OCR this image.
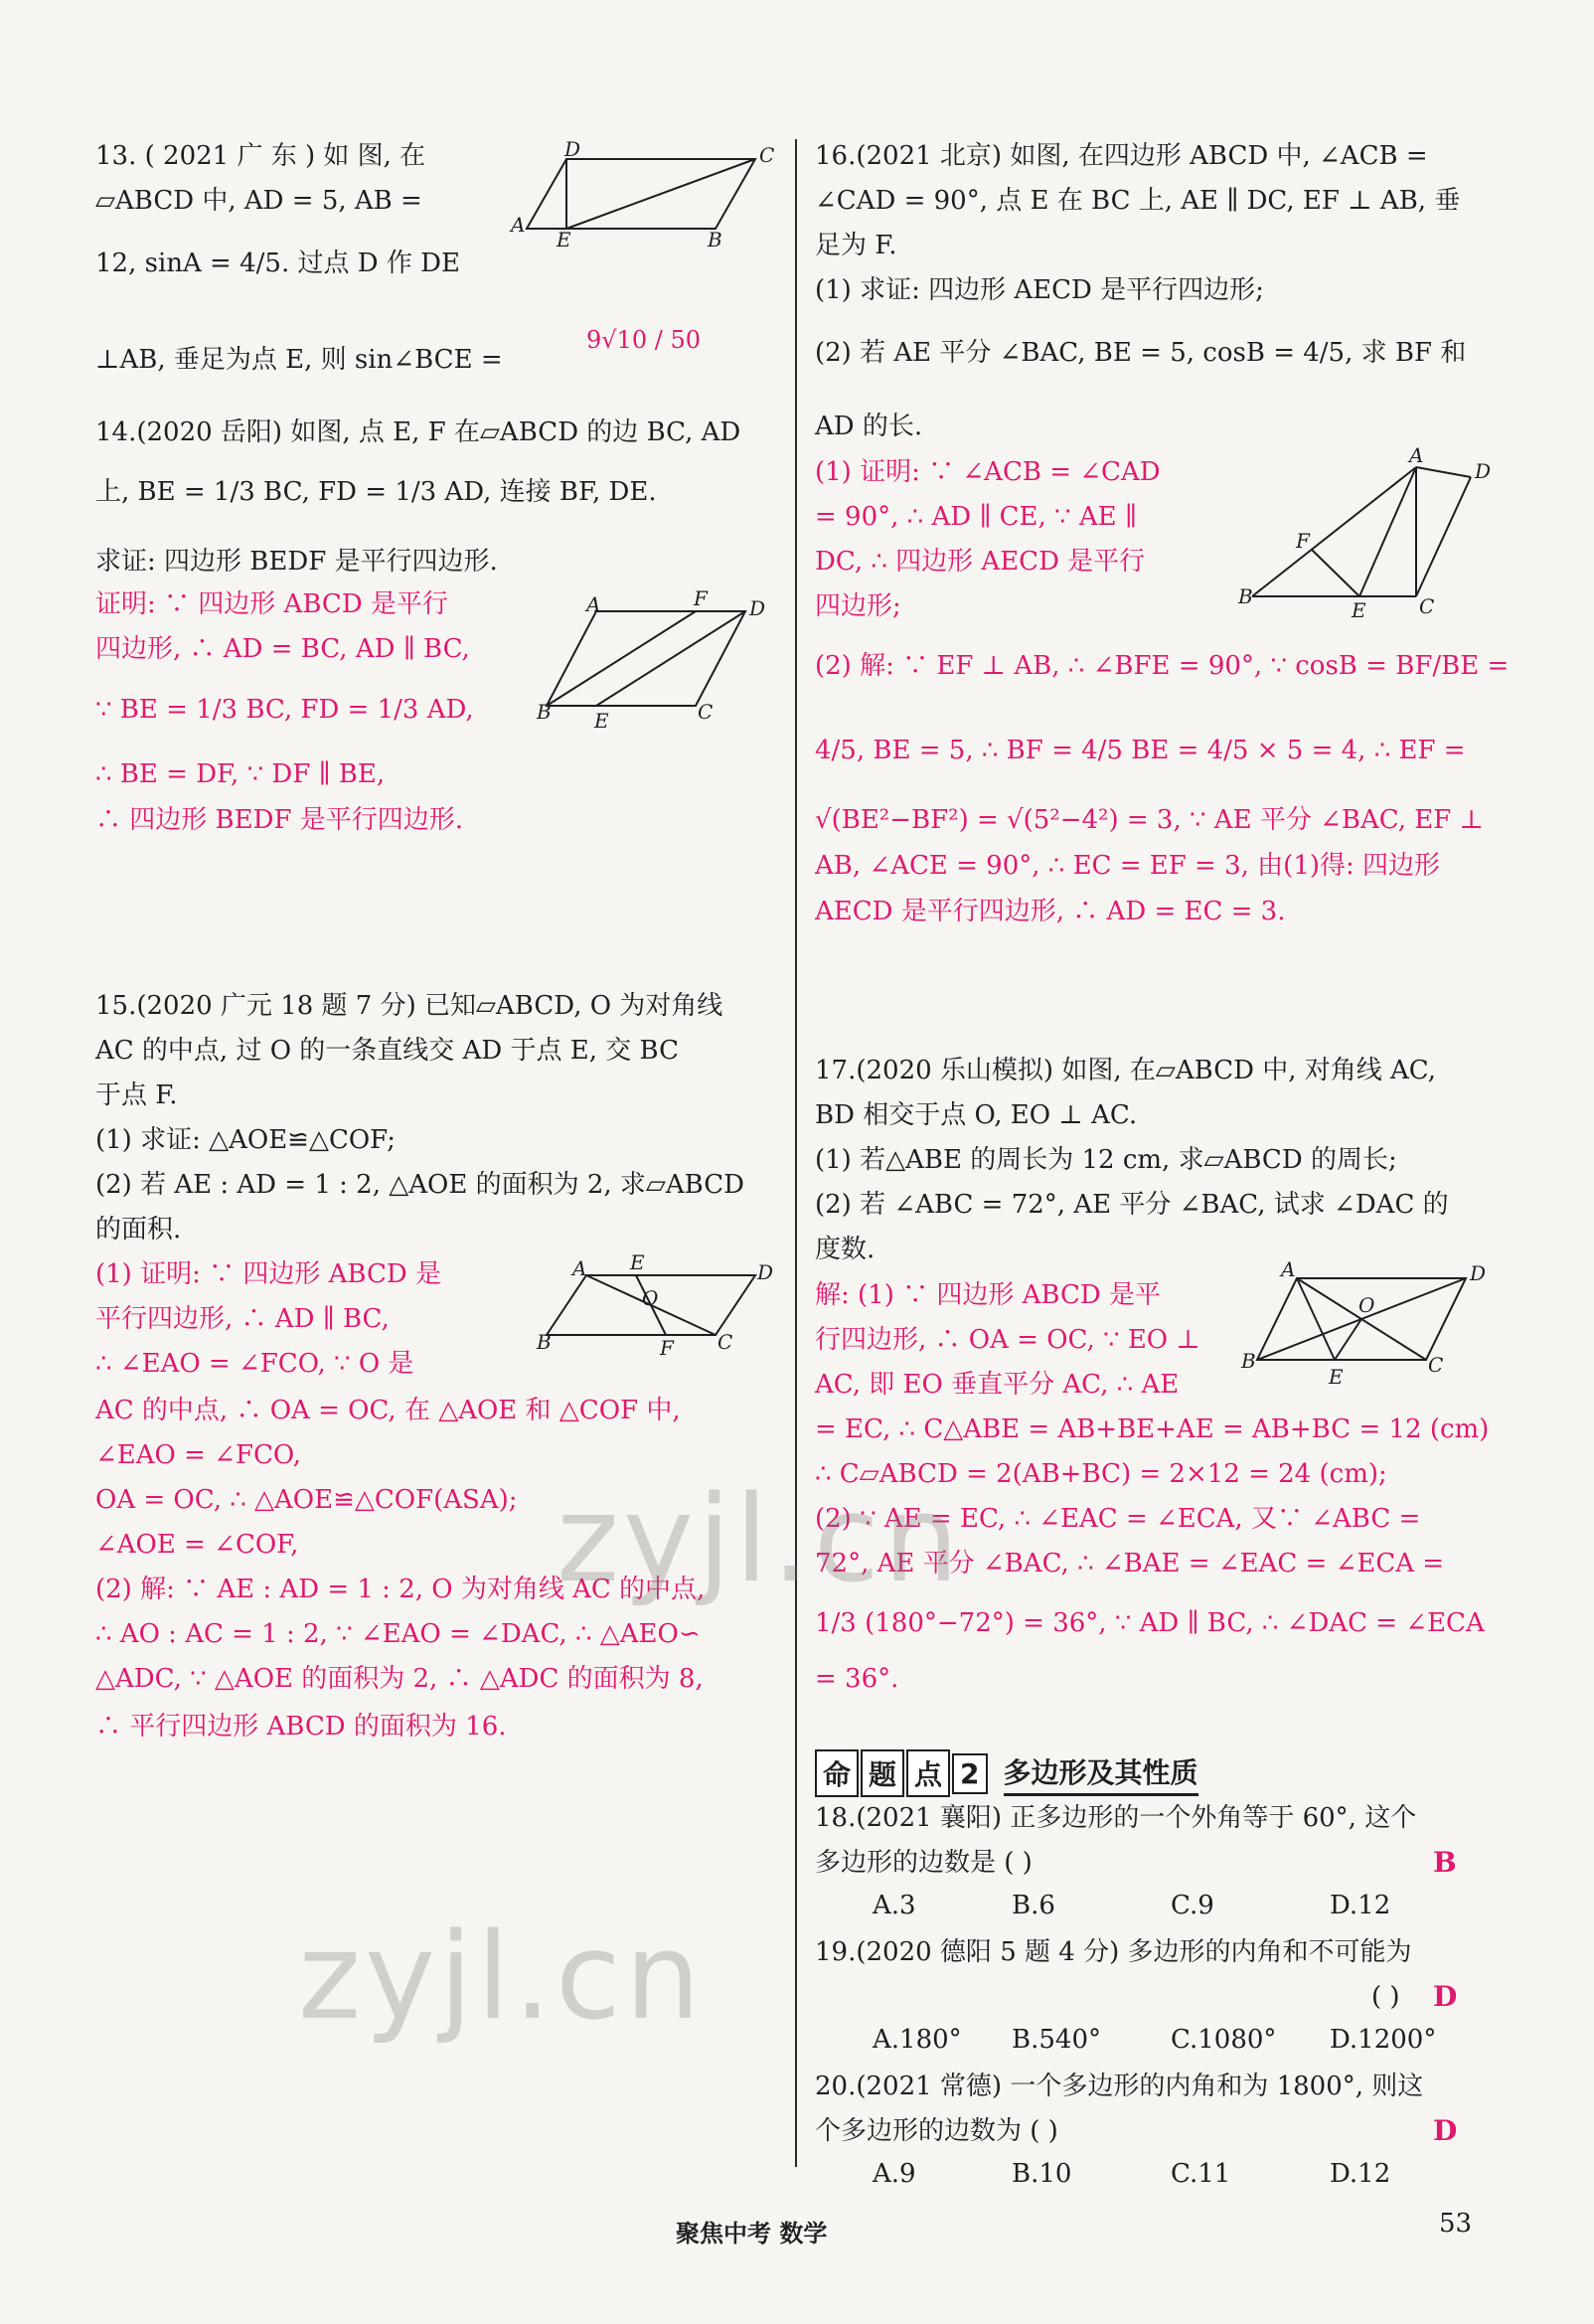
13. ( 2021 广 东 ) 如 图, 在
▱ABCD 中, AD = 5, AB =
12, sinA = 4/5. 过点 D 作 DE
⊥AB, 垂足为点 E, 则 sin∠BCE =
14.(2020 岳阳) 如图, 点 E, F 在▱ABCD 的边 BC, AD
上, BE = 1/3 BC, FD = 1/3 AD, 连接 BF, DE.
求证: 四边形 BEDF 是平行四边形.
证明: ∵ 四边形 ABCD 是平行
四边形, ∴ AD = BC, AD ∥ BC,
∵ BE = 1/3 BC, FD = 1/3 AD,
∴ BE = DF, ∵ DF ∥ BE,
∴ 四边形 BEDF 是平行四边形.
15.(2020 广元 18 题 7 分) 已知▱ABCD, O 为对角线
AC 的中点, 过 O 的一条直线交 AD 于点 E, 交 BC
于点 F.
(1) 求证: △AOE≌△COF;
(2) 若 AE : AD = 1 : 2, △AOE 的面积为 2, 求▱ABCD
的面积.
(1) 证明: ∵ 四边形 ABCD 是
平行四边形, ∴ AD ∥ BC,
∴ ∠EAO = ∠FCO, ∵ O 是
AC 的中点, ∴ OA = OC, 在 △AOE 和 △COF 中,
∠EAO = ∠FCO,
OA = OC, ∴ △AOE≌△COF(ASA);
∠AOE = ∠COF,
(2) 解: ∵ AE : AD = 1 : 2, O 为对角线 AC 的中点,
∴ AO : AC = 1 : 2, ∵ ∠EAO = ∠DAC, ∴ △AEO∽
△ADC, ∵ △AOE 的面积为 2, ∴ △ADC 的面积为 8,
∴ 平行四边形 ABCD 的面积为 16.
16.(2021 北京) 如图, 在四边形 ABCD 中, ∠ACB =
∠CAD = 90°, 点 E 在 BC 上, AE ∥ DC, EF ⊥ AB, 垂
足为 F.
(1) 求证: 四边形 AECD 是平行四边形;
(2) 若 AE 平分 ∠BAC, BE = 5, cosB = 4/5, 求 BF 和
AD 的长.
(1) 证明: ∵ ∠ACB = ∠CAD
= 90°, ∴ AD ∥ CE, ∵ AE ∥
DC, ∴ 四边形 AECD 是平行
四边形;
(2) 解: ∵ EF ⊥ AB, ∴ ∠BFE = 90°, ∵ cosB = BF/BE =
4/5, BE = 5, ∴ BF = 4/5 BE = 4/5 × 5 = 4, ∴ EF =
√(BE²−BF²) = √(5²−4²) = 3, ∵ AE 平分 ∠BAC, EF ⊥
AB, ∠ACE = 90°, ∴ EC = EF = 3, 由(1)得: 四边形
AECD 是平行四边形, ∴ AD = EC = 3.
17.(2020 乐山模拟) 如图, 在▱ABCD 中, 对角线 AC,
BD 相交于点 O, EO ⊥ AC.
(1) 若△ABE 的周长为 12 cm, 求▱ABCD 的周长;
(2) 若 ∠ABC = 72°, AE 平分 ∠BAC, 试求 ∠DAC 的
度数.
解: (1) ∵ 四边形 ABCD 是平
行四边形, ∴ OA = OC, ∵ EO ⊥
AC, 即 EO 垂直平分 AC, ∴ AE
= EC, ∴ C△ABE = AB+BE+AE = AB+BC = 12 (cm)
∴ C▱ABCD = 2(AB+BC) = 2×12 = 24 (cm);
(2) ∵ AE = EC, ∴ ∠EAC = ∠ECA, 又∵ ∠ABC =
72°, AE 平分 ∠BAC, ∴ ∠BAE = ∠EAC = ∠ECA =
1/3 (180°−72°) = 36°, ∵ AD ∥ BC, ∴ ∠DAC = ∠ECA
= 36°.
18.(2021 襄阳) 正多边形的一个外角等于 60°, 这个
多边形的边数是 ( )
19.(2020 德阳 5 题 4 分) 多边形的内角和不可能为
( )
20.(2021 常德) 一个多边形的内角和为 1800°, 则这
个多边形的边数为 ( )
9√10 / 50
D	C
A
E	B
A	F D
B E	C
A E	D
O
B	F C
A
D
F
B
E	C
A	D
O
B
E	C
命 题 点 2 多边形及其性质
zyjl.cn
zyjl.cn
A.3	B.6	C.9	D.12
B
A.180° B.540°	C.1080° D.1200°
D
A.9	B.10	C.11	D.12
D
聚焦中考 数学	53
